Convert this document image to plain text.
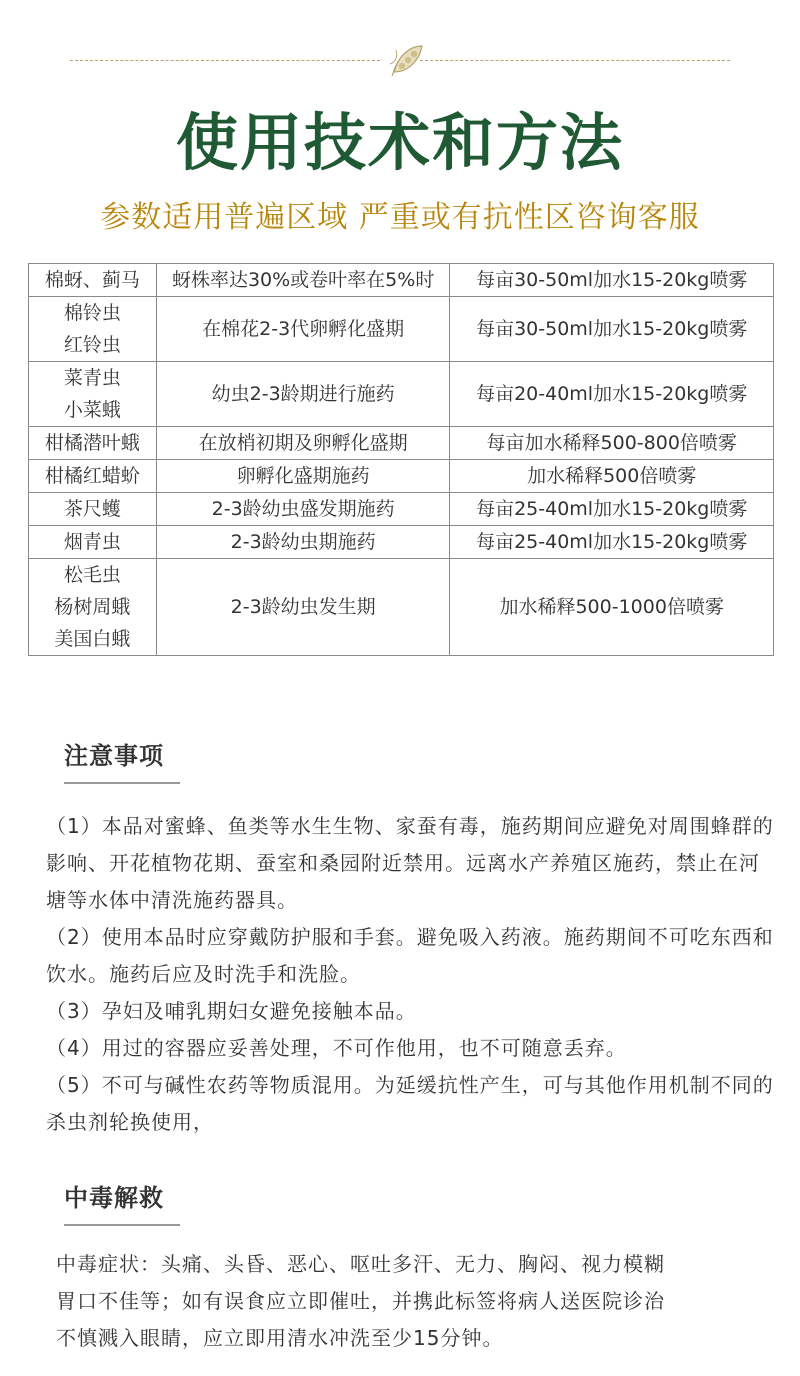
使用技术和方法
参数适用普遍区域 严重或有抗性区咨询客服
棉蚜、蓟马	蚜株率达30%或卷叶率在5%时	每亩30-50ml加水15-20kg喷雾

棉铃虫
红铃虫	在棉花2-3代卵孵化盛期	每亩30-50ml加水15-20kg喷雾

菜青虫
小菜蛾	幼虫2-3龄期进行施药	每亩20-40ml加水15-20kg喷雾

柑橘潜叶蛾	在放梢初期及卵孵化盛期	每亩加水稀释500-800倍喷雾

柑橘红蜡蚧	卵孵化盛期施药	加水稀释500倍喷雾

茶尺蠖	2-3龄幼虫盛发期施药	每亩25-40ml加水15-20kg喷雾

烟青虫	2-3龄幼虫期施药	每亩25-40ml加水15-20kg喷雾

松毛虫
杨树周蛾
美国白蛾	2-3龄幼虫发生期	加水稀释500-1000倍喷雾
注意事项

（1）本品对蜜蜂、鱼类等水生生物、家蚕有毒，施药期间应避免对周围蜂群的影响、开花植物花期、蚕室和桑园附近禁用。远离水产养殖区施药，禁止在河塘等水体中清洗施药器具。

（2）使用本品时应穿戴防护服和手套。避免吸入药液。施药期间不可吃东西和饮水。施药后应及时洗手和洗脸。

（3）孕妇及哺乳期妇女避免接触本品。

（4）用过的容器应妥善处理，不可作他用，也不可随意丢弃。

（5）不可与碱性农药等物质混用。为延缓抗性产生，可与其他作用机制不同的杀虫剂轮换使用，

中毒解救

中毒症状：头痛、头昏、恶心、呕吐多汗、无力、胸闷、视力模糊

胃口不佳等；如有误食应立即催吐，并携此标签将病人送医院诊治

不慎溅入眼睛，应立即用清水冲洗至少15分钟。
